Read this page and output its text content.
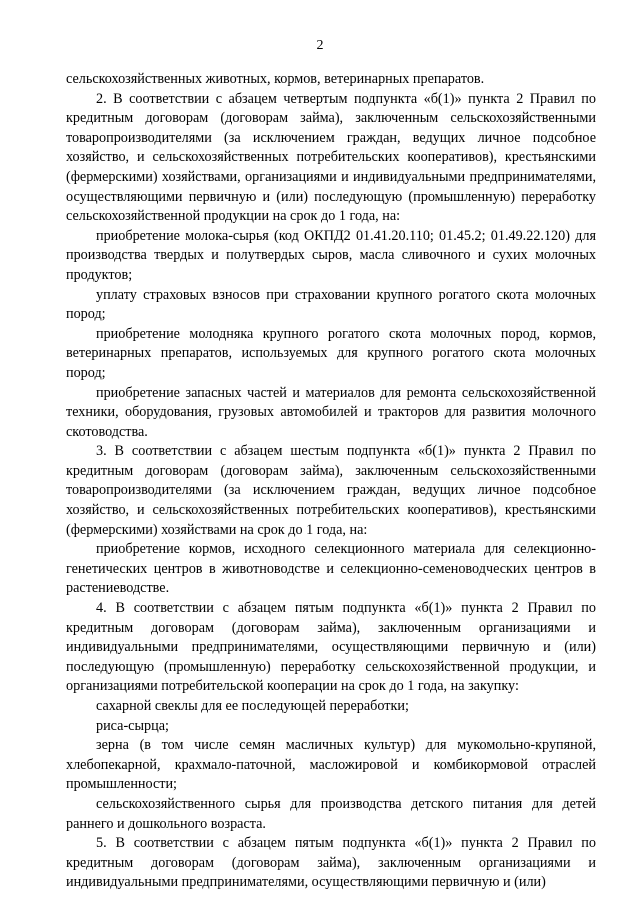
2

сельскохозяйственных животных, кормов, ветеринарных препаратов.

2. В соответствии с абзацем четвертым подпункта «б(1)» пункта 2 Правил по кредитным договорам (договорам займа), заключенным сельскохозяйственными товаропроизводителями (за исключением граждан, ведущих личное подсобное хозяйство, и сельскохозяйственных потребительских кооперативов), крестьянскими (фермерскими) хозяйствами, организациями и индивидуальными предпринимателями, осуществляющими первичную и (или) последующую (промышленную) переработку сельскохозяйственной продукции на срок до 1 года, на:

приобретение молока-сырья (код ОКПД2 01.41.20.110; 01.45.2; 01.49.22.120) для производства твердых и полутвердых сыров, масла сливочного и сухих молочных продуктов;

уплату страховых взносов при страховании крупного рогатого скота молочных пород;

приобретение молодняка крупного рогатого скота молочных пород, кормов, ветеринарных препаратов, используемых для крупного рогатого скота молочных пород;

приобретение запасных частей и материалов для ремонта сельскохозяйственной техники, оборудования, грузовых автомобилей и тракторов для развития молочного скотоводства.

3. В соответствии с абзацем шестым подпункта «б(1)» пункта 2 Правил по кредитным договорам (договорам займа), заключенным сельскохозяйственными товаропроизводителями (за исключением граждан, ведущих личное подсобное хозяйство, и сельскохозяйственных потребительских кооперативов), крестьянскими (фермерскими) хозяйствами на срок до 1 года, на:

приобретение кормов, исходного селекционного материала для селекционно-генетических центров в животноводстве и селекционно-семеноводческих центров в растениеводстве.

4. В соответствии с абзацем пятым подпункта «б(1)» пункта 2 Правил по кредитным договорам (договорам займа), заключенным организациями и индивидуальными предпринимателями, осуществляющими первичную и (или) последующую (промышленную) переработку сельскохозяйственной продукции, и организациями потребительской кооперации на срок до 1 года, на закупку:

сахарной свеклы для ее последующей переработки;

риса-сырца;

зерна (в том числе семян масличных культур) для мукомольно-крупяной, хлебопекарной, крахмало-паточной, масложировой и комбикормовой отраслей промышленности;

сельскохозяйственного сырья для производства детского питания для детей раннего и дошкольного возраста.

5. В соответствии с абзацем пятым подпункта «б(1)» пункта 2 Правил по кредитным договорам (договорам займа), заключенным организациями и индивидуальными предпринимателями, осуществляющими первичную и (или)
